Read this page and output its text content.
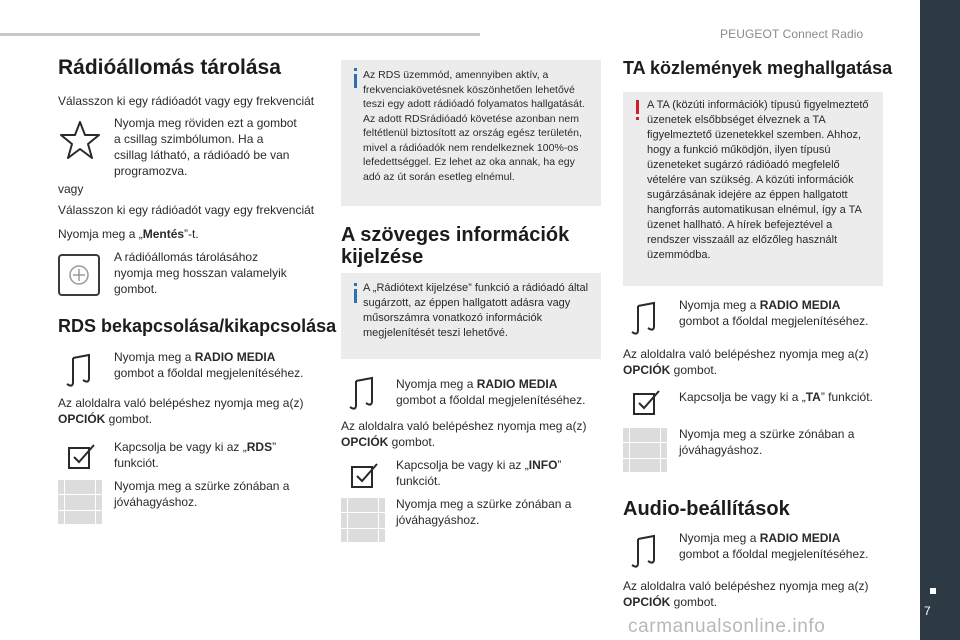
PEUGEOT Connect Radio
7
Rádióállomás tárolása
Válasszon ki egy rádióadót vagy egy frekvenciát
Nyomja meg röviden ezt a gombot a csillag szimbólumon. Ha a csillag látható, a rádióadó be van programozva.
vagy
Válasszon ki egy rádióadót vagy egy frekvenciát
Nyomja meg a „Mentés”-t.
A rádióállomás tárolásához nyomja meg hosszan valamelyik gombot.
RDS bekapcsolása/kikapcsolása
Nyomja meg a RADIO MEDIA
gombot a főoldal megjelenítéséhez.
Az aloldalra való belépéshez nyomja meg a(z) OPCIÓK gombot.
Kapcsolja be vagy ki az „RDS” funkciót.
Nyomja meg a szürke zónában a jóváhagyáshoz.
Az RDS üzemmód, amennyiben aktív, a frekvenciakövetésnek köszönhetően lehetővé teszi egy adott rádióadó folyamatos hallgatását. Az adott RDSrádióadó követése azonban nem feltétlenül biztosított az ország egész területén, mivel a rádióadók nem rendelkeznek 100%-os lefedettséggel. Ez lehet az oka annak, ha egy adó az út során esetleg elnémul.
A szöveges információk kijelzése
A „Rádiótext kijelzése” funkció a rádióadó által sugárzott, az éppen hallgatott adásra vagy műsorszámra vonatkozó információk megjelenítését teszi lehetővé.
Nyomja meg a RADIO MEDIA
gombot a főoldal megjelenítéséhez.
Az aloldalra való belépéshez nyomja meg a(z) OPCIÓK gombot.
Kapcsolja be vagy ki az „INFO” funkciót.
Nyomja meg a szürke zónában a jóváhagyáshoz.
TA közlemények meghallgatása
A TA (közúti információk) típusú figyelmeztető üzenetek elsőbbséget élveznek a TA figyelmeztető üzenetekkel szemben. Ahhoz, hogy a funkció működjön, ilyen típusú üzeneteket sugárzó rádióadó megfelelő vételére van szükség. A közúti információk sugárzásának idejére az éppen hallgatott hangforrás automatikusan elnémul, így a TA üzenet hallható. A hírek befejeztével a rendszer visszaáll az előzőleg használt üzemmódba.
Nyomja meg a RADIO MEDIA
gombot a főoldal megjelenítéséhez.
Az aloldalra való belépéshez nyomja meg a(z) OPCIÓK gombot.
Kapcsolja be vagy ki a „TA” funkciót.
Nyomja meg a szürke zónában a jóváhagyáshoz.
Audio-beállítások
Nyomja meg a RADIO MEDIA
gombot a főoldal megjelenítéséhez.
Az aloldalra való belépéshez nyomja meg a(z) OPCIÓK gombot.
carmanualsonline.info
